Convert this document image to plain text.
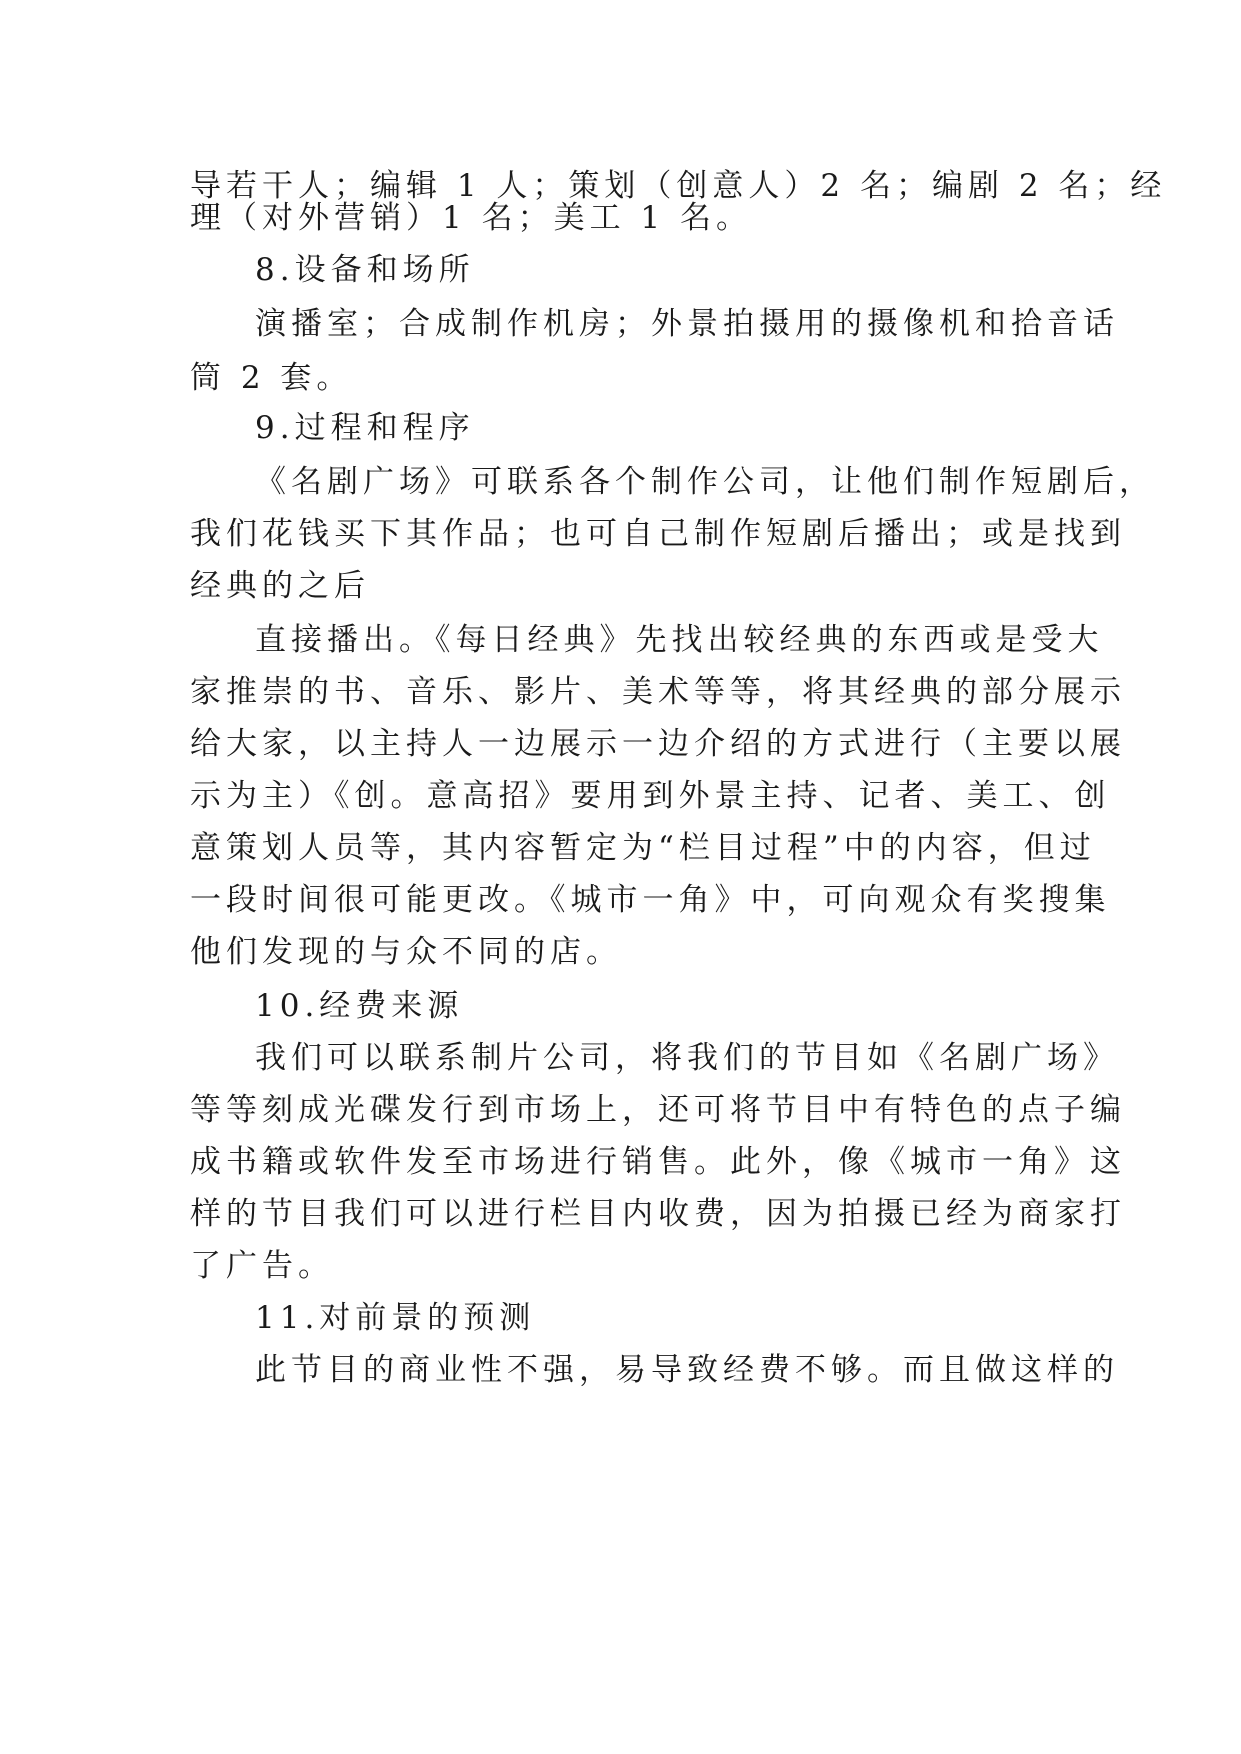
导若干人；编辑 1 人；策划（创意人）2 名；编剧 2 名；经
理（对外营销）1 名；美工 1 名。
8.设备和场所
演播室；合成制作机房；外景拍摄用的摄像机和拾音话
筒 2 套。
9.过程和程序
《名剧广场》可联系各个制作公司，让他们制作短剧后，
我们花钱买下其作品；也可自己制作短剧后播出；或是找到
经典的之后
直接播出。《每日经典》先找出较经典的东西或是受大
家推崇的书、音乐、影片、美术等等，将其经典的部分展示
给大家，以主持人一边展示一边介绍的方式进行（主要以展
示为主）《创。意高招》要用到外景主持、记者、美工、创
意策划人员等，其内容暂定为“栏目过程”中的内容，但过
一段时间很可能更改。《城市一角》中，可向观众有奖搜集
他们发现的与众不同的店。
10.经费来源
我们可以联系制片公司，将我们的节目如《名剧广场》
等等刻成光碟发行到市场上，还可将节目中有特色的点子编
成书籍或软件发至市场进行销售。此外，像《城市一角》这
样的节目我们可以进行栏目内收费，因为拍摄已经为商家打
了广告。
11.对前景的预测
此节目的商业性不强，易导致经费不够。而且做这样的
